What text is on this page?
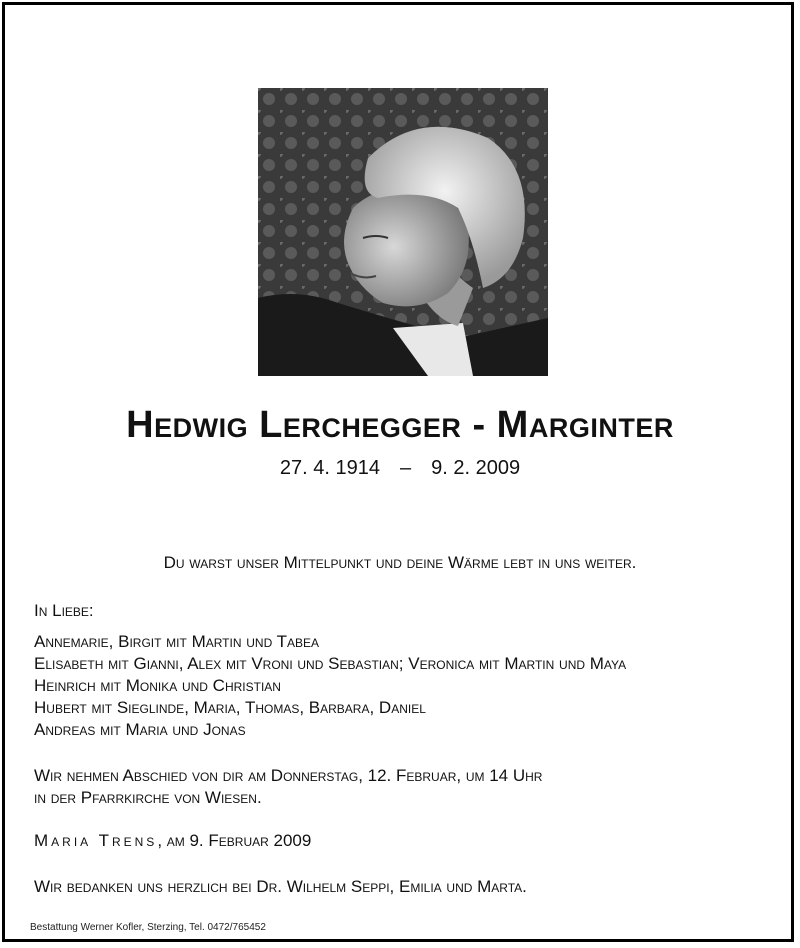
Hedwig Lerchegger - Marginter
27. 4. 1914 – 9. 2. 2009
Du warst unser Mittelpunkt und deine Wärme lebt in uns weiter.
In Liebe:
Annemarie, Birgit mit Martin und Tabea
Elisabeth mit Gianni, Alex mit Vroni und Sebastian; Veronica mit Martin und Maya
Heinrich mit Monika und Christian
Hubert mit Sieglinde, Maria, Thomas, Barbara, Daniel
Andreas mit Maria und Jonas
Wir nehmen Abschied von dir am Donnerstag, 12. Februar, um 14 Uhr
in der Pfarrkirche von Wiesen.
Maria Trens, am 9. Februar 2009
Wir bedanken uns herzlich bei Dr. Wilhelm Seppi, Emilia und Marta.
Bestattung Werner Kofler, Sterzing, Tel. 0472/765452
